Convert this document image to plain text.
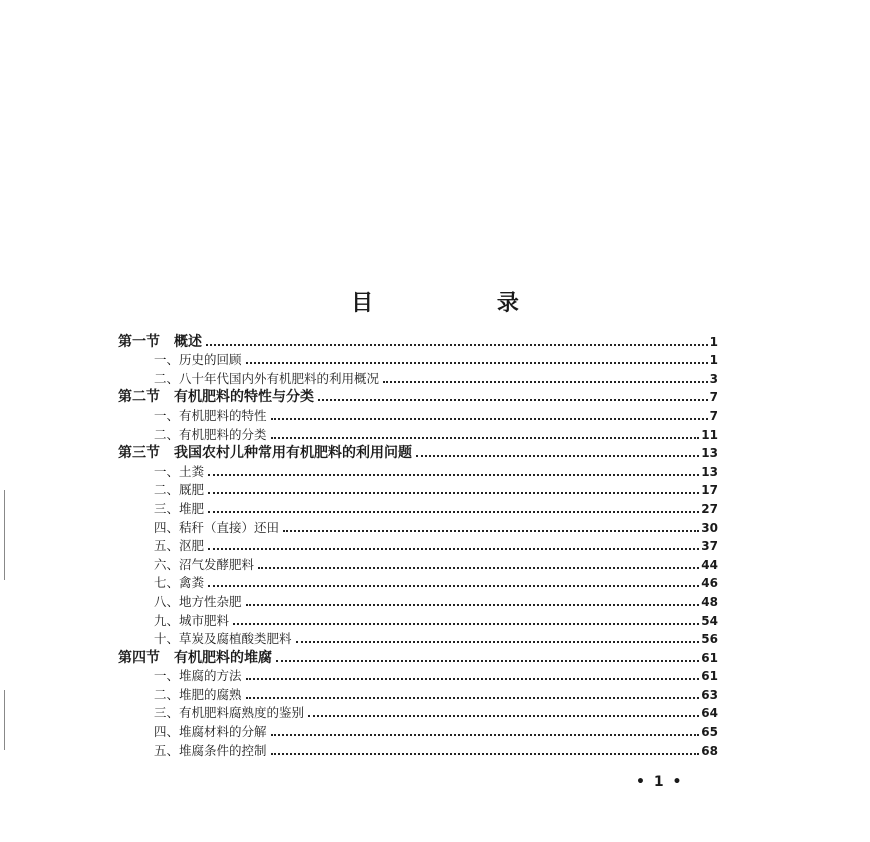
目 录
第一节　概述	1
一、历史的回顾	1
二、八十年代国内外有机肥料的利用概况	3
第二节　有机肥料的特性与分类	7
一、有机肥料的特性	7
二、有机肥料的分类	11
第三节　我国农村儿种常用有机肥料的利用问题	13
一、土粪	13
二、厩肥	17
三、堆肥	27
四、秸秆（直接）还田	30
五、沤肥	37
六、沼气发酵肥料	44
七、禽粪	46
八、地方性杂肥	48
九、城市肥料	54
十、草炭及腐植酸类肥料	56
第四节　有机肥料的堆腐	61
一、堆腐的方法	61
二、堆肥的腐熟	63
三、有机肥料腐熟度的鉴别	64
四、堆腐材料的分解	65
五、堆腐条件的控制	68
• 1 •
